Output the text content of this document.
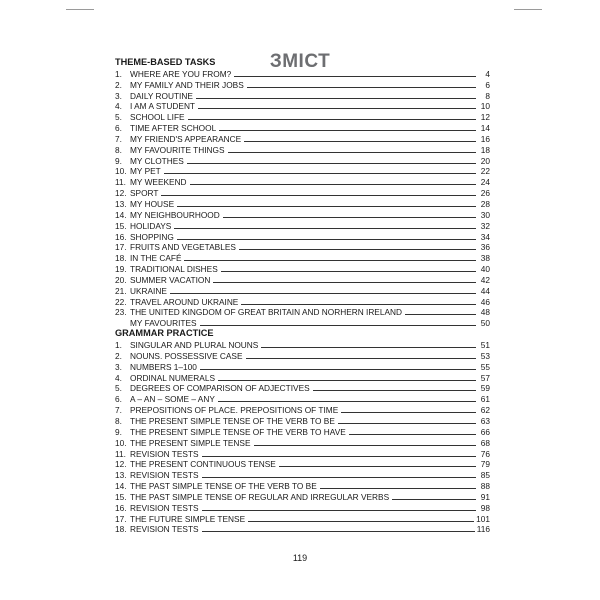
ЗМІСТ
THEME-BASED TASKS
1. WHERE ARE YOU FROM?	4
2. MY FAMILY AND THEIR JOBS	6
3. DAILY ROUTINE	8
4. I AM A STUDENT	10
5. SCHOOL LIFE	12
6. TIME AFTER SCHOOL	14
7. MY FRIEND'S APPEARANCE	16
8. MY FAVOURITE THINGS	18
9. MY CLOTHES	20
10. MY PET	22
11. MY WEEKEND	24
12. SPORT	26
13. MY HOUSE	28
14. MY NEIGHBOURHOOD	30
15. HOLIDAYS	32
16. SHOPPING	34
17. FRUITS AND VEGETABLES	36
18. IN THE CAFÉ	38
19. TRADITIONAL DISHES	40
20. SUMMER VACATION	42
21. UKRAINE	44
22. TRAVEL AROUND UKRAINE	46
23. THE UNITED KINGDOM OF GREAT BRITAIN AND NORHERN IRELAND	48
MY FAVOURITES	50
GRAMMAR PRACTICE
1. SINGULAR AND PLURAL NOUNS	51
2. NOUNS. POSSESSIVE CASE	53
3. NUMBERS 1–100	55
4. ORDINAL NUMERALS	57
5. DEGREES OF COMPARISON OF ADJECTIVES	59
6. A – AN – SOME – ANY	61
7. PREPOSITIONS OF PLACE. PREPOSITIONS OF TIME	62
8. THE PRESENT SIMPLE TENSE OF THE VERB TO BE	63
9. THE PRESENT SIMPLE TENSE OF THE VERB TO HAVE	66
10. THE PRESENT SIMPLE TENSE	68
11. REVISION TESTS	76
12. THE PRESENT CONTINUOUS TENSE	79
13. REVISION TESTS	85
14. THE PAST SIMPLE TENSE OF THE VERB TO BE	88
15. THE PAST SIMPLE TENSE OF REGULAR AND IRREGULAR VERBS	91
16. REVISION TESTS	98
17. THE FUTURE SIMPLE TENSE	101
18. REVISION TESTS	116
119
